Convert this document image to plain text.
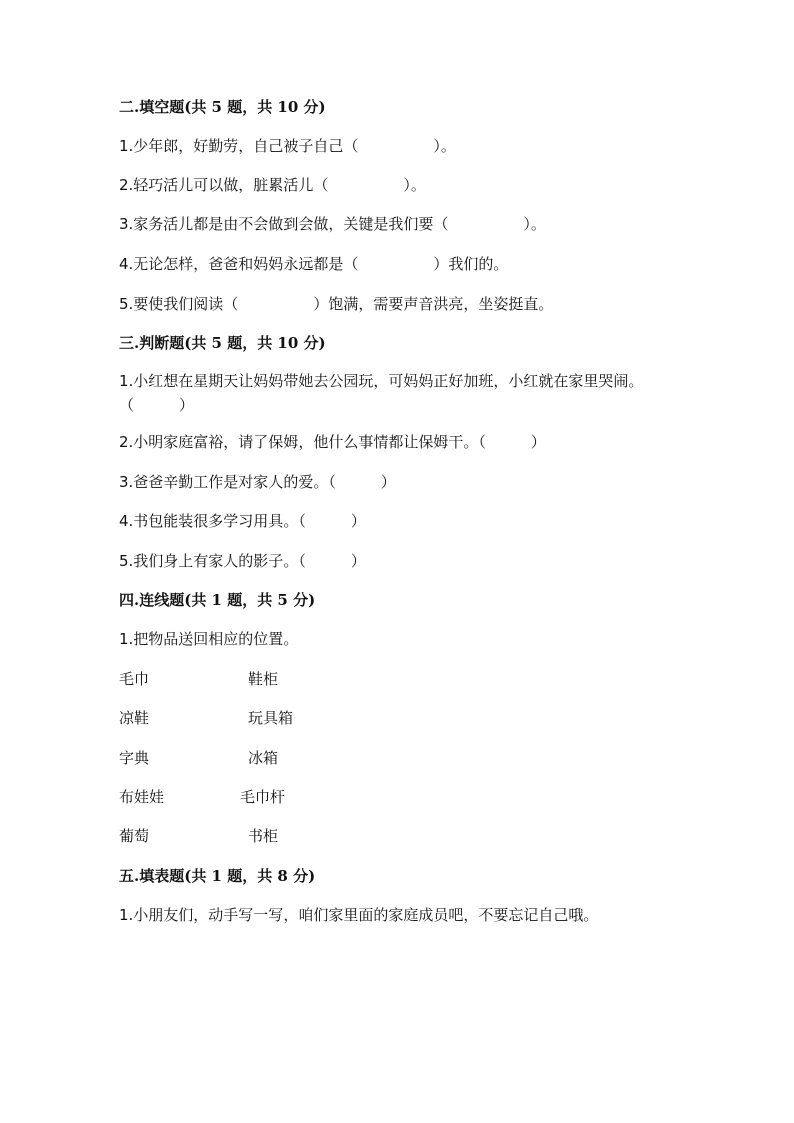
二.填空题(共 5 题，共 10 分)
1.少年郎，好勤劳，自己被子自己（　　　　　）。
2.轻巧活儿可以做，脏累活儿（　　　　　）。
3.家务活儿都是由不会做到会做，关键是我们要（　　　　　）。
4.无论怎样，爸爸和妈妈永远都是（　　　　　）我们的。
5.要使我们阅读（　　　　　）饱满，需要声音洪亮，坐姿挺直。
三.判断题(共 5 题，共 10 分)
1.小红想在星期天让妈妈带她去公园玩，可妈妈正好加班，小红就在家里哭闹。（　　　）
2.小明家庭富裕，请了保姆，他什么事情都让保姆干。（　　　）
3.爸爸辛勤工作是对家人的爱。（　　　）
4.书包能装很多学习用具。（　　　）
5.我们身上有家人的影子。（　　　）
四.连线题(共 1 题，共 5 分)
1.把物品送回相应的位置。
毛巾	鞋柜
凉鞋	玩具箱
字典	冰箱
布娃娃	毛巾杆
葡萄	书柜
五.填表题(共 1 题，共 8 分)
1.小朋友们，动手写一写，咱们家里面的家庭成员吧，不要忘记自己哦。
